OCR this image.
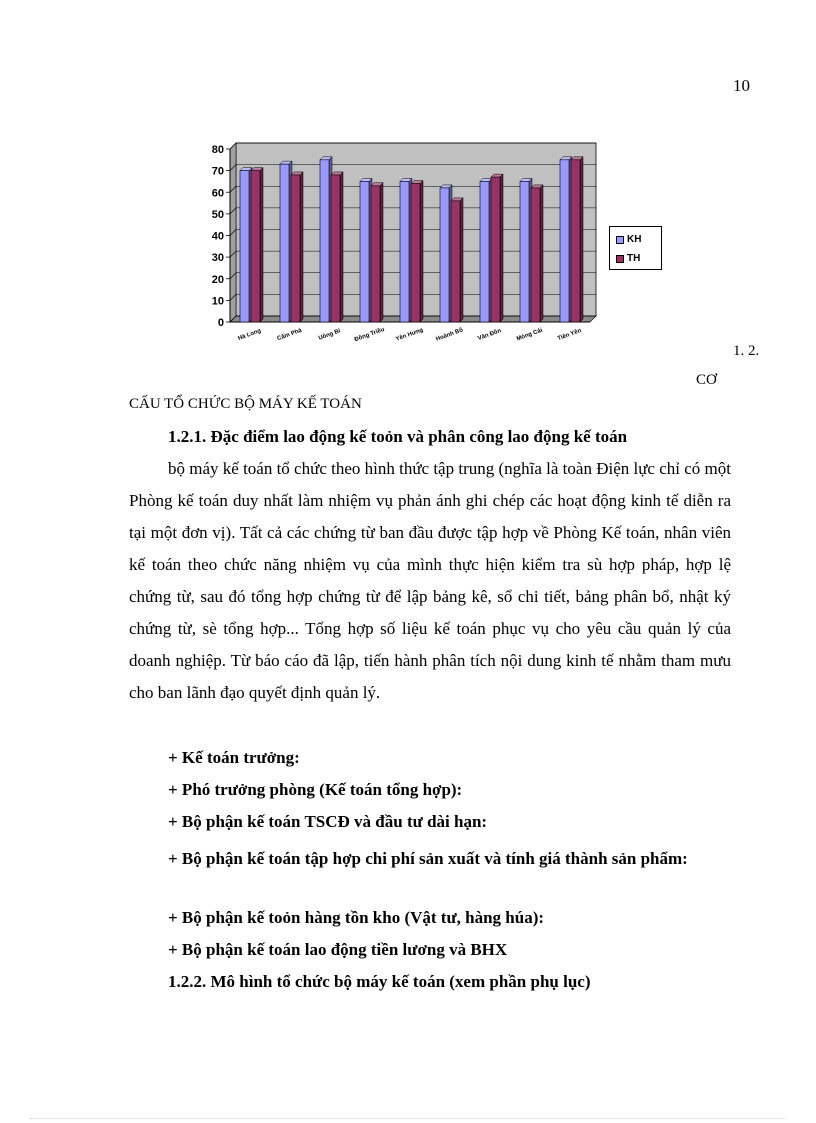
10
0
10
20
30
40
50
60
70
80
Hà Long Cẩm Phả	Uông Bí Đông Triều Yên Hưng Hoành Bồ Vân Đồn Móng Cái Tiên Yên
KH
TH
1. 2.
CƠ
CẤU TỔ CHỨC BỘ MÁY KẾ TOÁN
1.2.1. Đặc điểm lao động kế toỏn và phân công lao động kế toán
bộ máy kế toán tổ chức theo hình thức tập trung (nghĩa là toàn Điện lực chỉ có một Phòng kế toán duy nhất làm nhiệm vụ phản ánh ghi chép các hoạt động kinh tế diễn ra tại một đơn vị). Tất cả các chứng từ ban đầu được tập hợp về Phòng Kế toán, nhân viên kế toán theo chức năng nhiệm vụ của mình thực hiện kiểm tra sù hợp pháp, hợp lệ chứng từ, sau đó tổng hợp chứng từ để lập bảng kê, sổ chi tiết, bảng phân bổ, nhật ký chứng từ, sè tổng hợp... Tổng hợp số liệu kế toán phục vụ cho yêu cầu quản lý của doanh nghiệp. Từ báo cáo đã lập, tiến hành phân tích nội dung kinh tế nhằm tham mưu cho ban lãnh đạo quyết định quản lý.
+ Kế toán trưởng:
+ Phó trưởng phòng (Kế toán tổng hợp):
+ Bộ phận kế toán TSCĐ và đầu tư dài hạn:
+ Bộ phận kế toán tập hợp chi phí sản xuất và tính giá thành sản phẩm:
+ Bộ phận kế toỏn hàng tồn kho (Vật tư, hàng húa):
+ Bộ phận kế toán lao động tiền lương và BHX
1.2.2. Mô hình tổ chức bộ máy kế toán (xem phần phụ lục)
